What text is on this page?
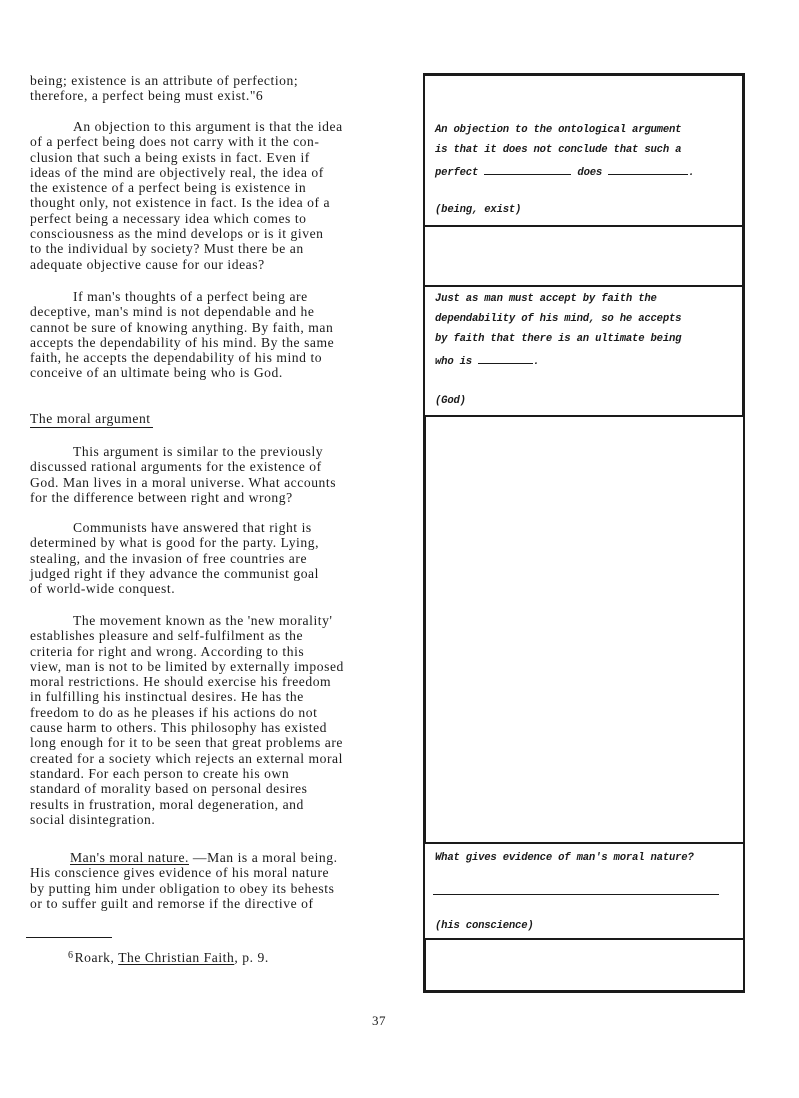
being; existence is an attribute of perfection;
therefore, a perfect being must exist."6
An objection to this argument is that the idea
of a perfect being does not carry with it the con-
clusion that such a being exists in fact. Even if
ideas of the mind are objectively real, the idea of
the existence of a perfect being is existence in
thought only, not existence in fact. Is the idea of a
perfect being a necessary idea which comes to
consciousness as the mind develops or is it given
to the individual by society? Must there be an
adequate objective cause for our ideas?
If man's thoughts of a perfect being are
deceptive, man's mind is not dependable and he
cannot be sure of knowing anything. By faith, man
accepts the dependability of his mind. By the same
faith, he accepts the dependability of his mind to
conceive of an ultimate being who is God.
The moral argument
This argument is similar to the previously
discussed rational arguments for the existence of
God. Man lives in a moral universe. What accounts
for the difference between right and wrong?
Communists have answered that right is
determined by what is good for the party. Lying,
stealing, and the invasion of free countries are
judged right if they advance the communist goal
of world-wide conquest.
The movement known as the 'new morality'
establishes pleasure and self-fulfilment as the
criteria for right and wrong. According to this
view, man is not to be limited by externally imposed
moral restrictions. He should exercise his freedom
in fulfilling his instinctual desires. He has the
freedom to do as he pleases if his actions do not
cause harm to others. This philosophy has existed
long enough for it to be seen that great problems are
created for a society which rejects an external moral
standard. For each person to create his own
standard of morality based on personal desires
results in frustration, moral degeneration, and
social disintegration.
Man's moral nature. —Man is a moral being.
His conscience gives evidence of his moral nature
by putting him under obligation to obey its behests
or to suffer guilt and remorse if the directive of
$^6$Roark, The Christian Faith, p. 9.
37
An objection to the ontological argument
is that it does not conclude that such a
perfect	does	.
(being, exist)
Just as man must accept by faith the
dependability of his mind, so he accepts
by faith that there is an ultimate being
who is	.
(God)
What gives evidence of man's moral nature?
(his conscience)
